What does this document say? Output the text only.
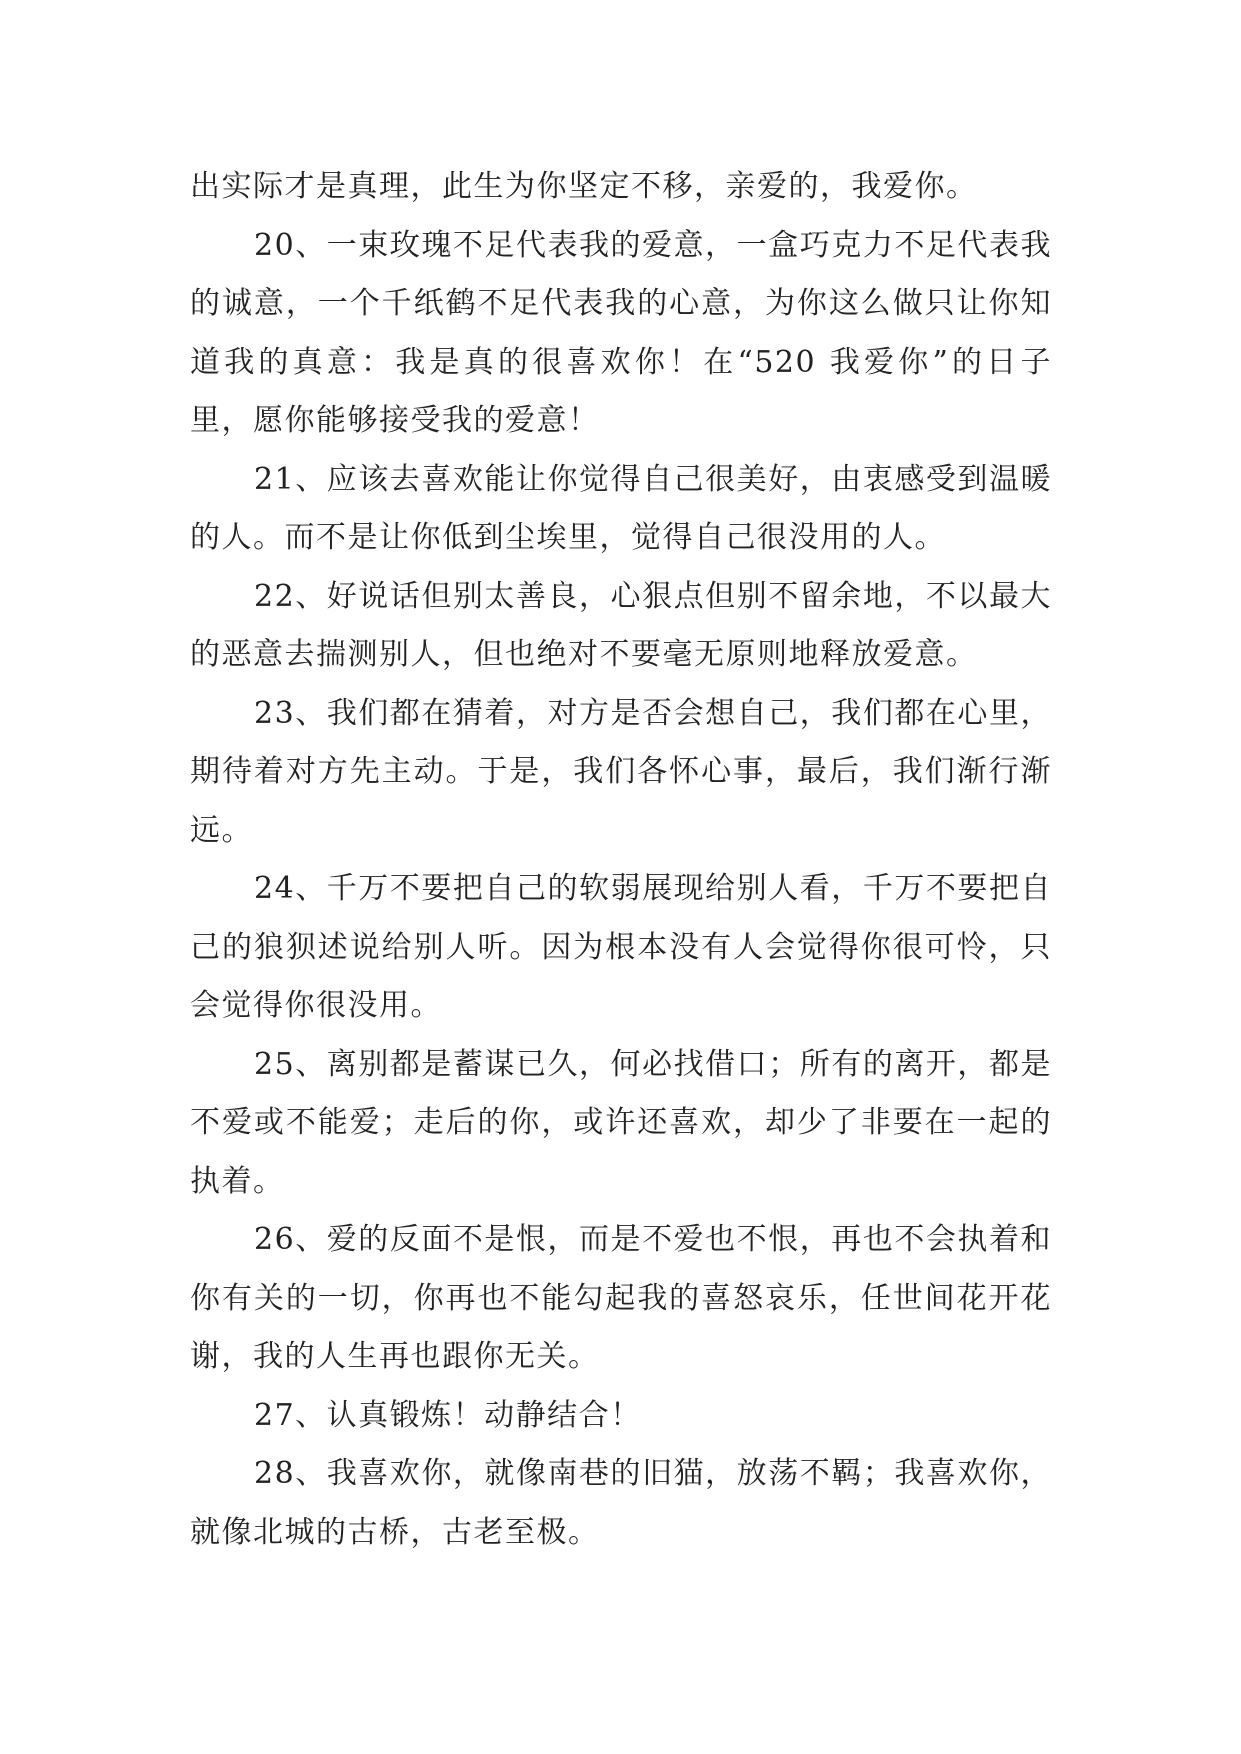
出实际才是真理，此生为你坚定不移，亲爱的，我爱你。

20、一束玫瑰不足代表我的爱意，一盒巧克力不足代表我的诚意，一个千纸鹤不足代表我的心意，为你这么做只让你知道我的真意：我是真的很喜欢你！在“520 我爱你”的日子里，愿你能够接受我的爱意！

21、应该去喜欢能让你觉得自己很美好，由衷感受到温暖的人。而不是让你低到尘埃里，觉得自己很没用的人。

22、好说话但别太善良，心狠点但别不留余地，不以最大的恶意去揣测别人，但也绝对不要毫无原则地释放爱意。

23、我们都在猜着，对方是否会想自己，我们都在心里，期待着对方先主动。于是，我们各怀心事，最后，我们渐行渐远。

24、千万不要把自己的软弱展现给别人看，千万不要把自己的狼狈述说给别人听。因为根本没有人会觉得你很可怜，只会觉得你很没用。

25、离别都是蓄谋已久，何必找借口；所有的离开，都是不爱或不能爱；走后的你，或许还喜欢，却少了非要在一起的执着。

26、爱的反面不是恨，而是不爱也不恨，再也不会执着和你有关的一切，你再也不能勾起我的喜怒哀乐，任世间花开花谢，我的人生再也跟你无关。

27、认真锻炼！动静结合！

28、我喜欢你，就像南巷的旧猫，放荡不羁；我喜欢你，就像北城的古桥，古老至极。
